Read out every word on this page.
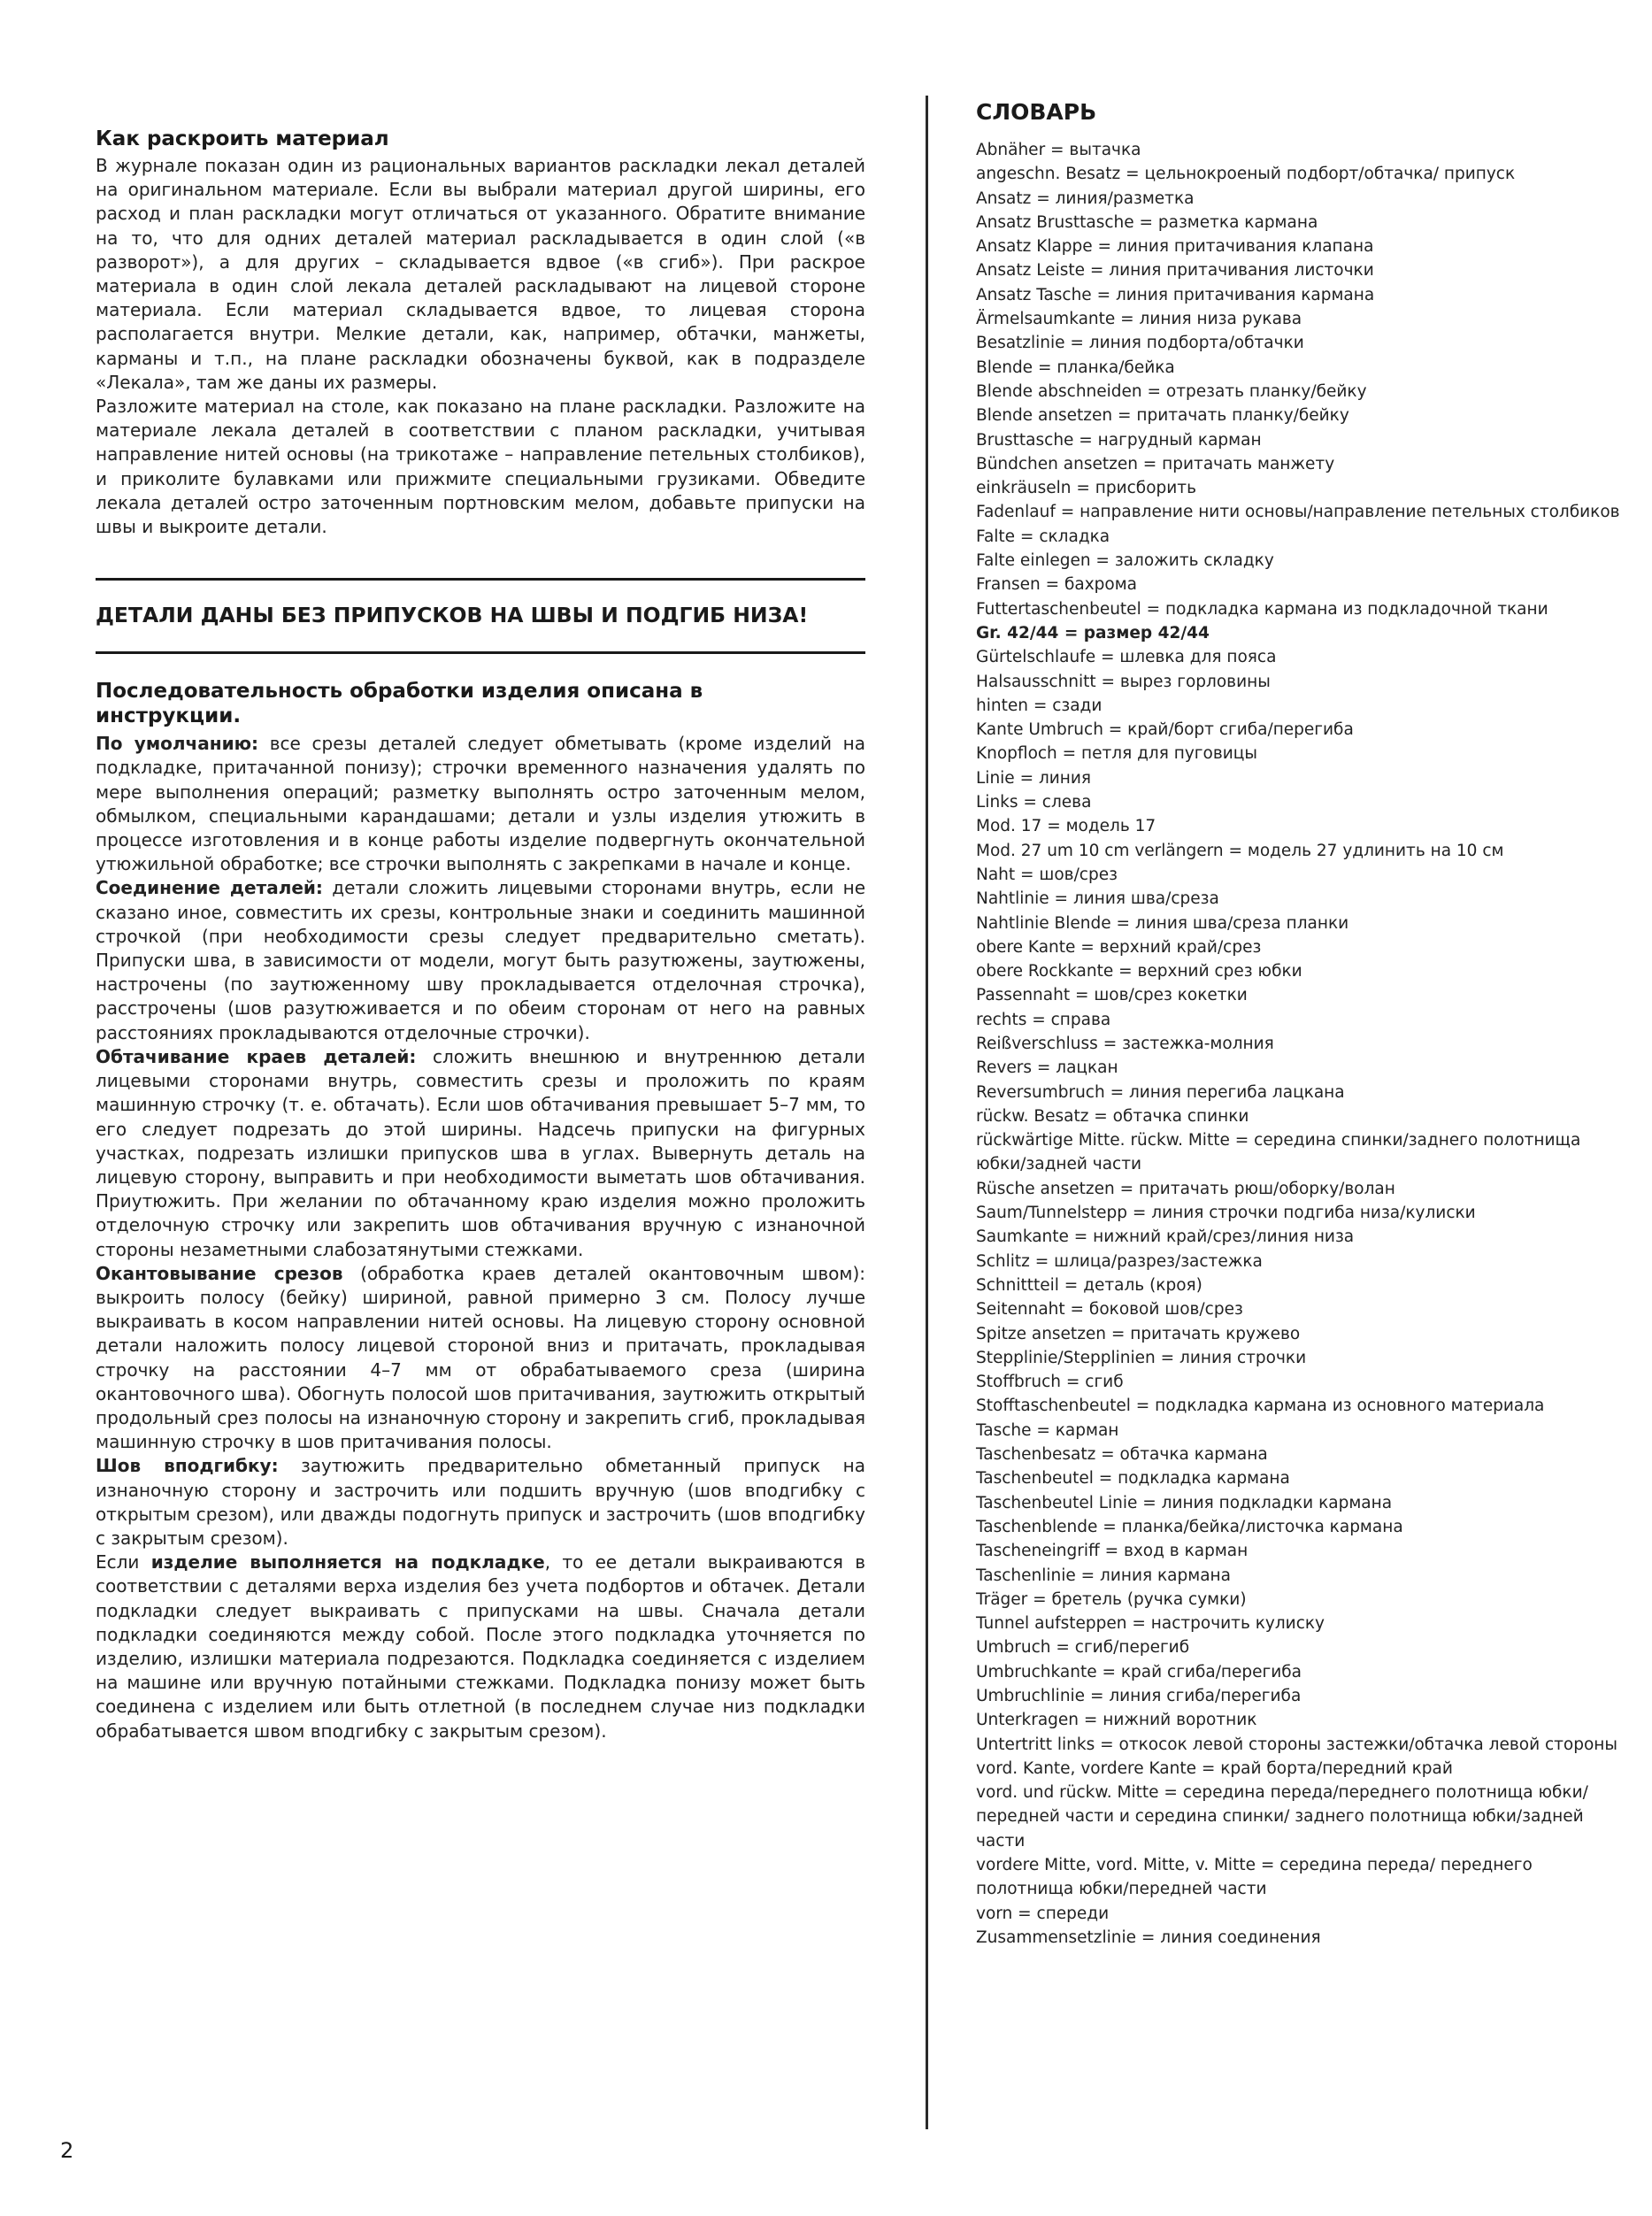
Как раскроить материал

В журнале показан один из рациональных вариантов раскладки лекал деталей на оригинальном материале. Если вы выбрали материал другой ширины, его расход и план раскладки могут отличаться от указанного. Обратите внимание на то, что для одних деталей материал раскладывается в один слой («в разворот»), а для других – складывается вдвое («в сгиб»). При раскрое материала в один слой лекала деталей раскладывают на лицевой стороне материала. Если материал складывается вдвое, то лицевая сторона располагается внутри. Мелкие детали, как, например, обтачки, манжеты, карманы и т.п., на плане раскладки обозначены буквой, как в подразделе «Лекала», там же даны их размеры.

Разложите материал на столе, как показано на плане раскладки. Разложите на материале лекала деталей в соответствии с планом раскладки, учитывая направление нитей основы (на трикотаже – направление петельных столбиков), и приколите булавками или прижмите специальными грузиками. Обведите лекала деталей остро заточенным портновским мелом, добавьте припуски на швы и выкроите детали.

ДЕТАЛИ ДАНЫ БЕЗ ПРИПУСКОВ НА ШВЫ И ПОДГИБ НИЗА!
Последовательность обработки изделия описана в инструкции.

По умолчанию: все срезы деталей следует обметывать (кроме изделий на подкладке, притачанной понизу); строчки временного назначения удалять по мере выполнения операций; разметку выполнять остро заточенным мелом, обмылком, специальными карандашами; детали и узлы изделия утюжить в процессе изготовления и в конце работы изделие подвергнуть окончательной утюжильной обработке; все строчки выполнять с закрепками в начале и конце.

Соединение деталей: детали сложить лицевыми сторонами внутрь, если не сказано иное, совместить их срезы, контрольные знаки и соединить машинной строчкой (при необходимости срезы следует предварительно сметать). Припуски шва, в зависимости от модели, могут быть разутюжены, заутюжены, настрочены (по заутюженному шву прокладывается отделочная строчка), расстрочены (шов разутюживается и по обеим сторонам от него на равных расстояниях прокладываются отделочные строчки).

Обтачивание краев деталей: сложить внешнюю и внутреннюю детали лицевыми сторонами внутрь, совместить срезы и проложить по краям машинную строчку (т. е. обтачать). Если шов обтачивания превышает 5–7 мм, то его следует подрезать до этой ширины. Надсечь припуски на фигурных участках, подрезать излишки припусков шва в углах. Вывернуть деталь на лицевую сторону, выправить и при необходимости выметать шов обтачивания. Приутюжить. При желании по обтачанному краю изделия можно проложить отделочную строчку или закрепить шов обтачивания вручную с изнаночной стороны незаметными слабозатянутыми стежками.

Окантовывание срезов (обработка краев деталей окантовочным швом): выкроить полосу (бейку) шириной, равной примерно 3 см. Полосу лучше выкраивать в косом направлении нитей основы. На лицевую сторону основной детали наложить полосу лицевой стороной вниз и притачать, прокладывая строчку на расстоянии 4–7 мм от обрабатываемого среза (ширина окантовочного шва). Обогнуть полосой шов притачивания, заутюжить открытый продольный срез полосы на изнаночную сторону и закрепить сгиб, прокладывая машинную строчку в шов притачивания полосы.

Шов вподгибку: заутюжить предварительно обметанный припуск на изнаночную сторону и застрочить или подшить вручную (шов вподгибку с открытым срезом), или дважды подогнуть припуск и застрочить (шов вподгибку с закрытым срезом).

Если изделие выполняется на подкладке, то ее детали выкраиваются в соответствии с деталями верха изделия без учета подбортов и обтачек. Детали подкладки следует выкраивать с припусками на швы. Сначала детали подкладки соединяются между собой. После этого подкладка уточняется по изделию, излишки материала подрезаются. Подкладка соединяется с изделием на машине или вручную потайными стежками. Подкладка понизу может быть соединена с изделием или быть отлетной (в последнем случае низ подкладки обрабатывается швом вподгибку с закрытым срезом).

СЛОВАРЬ
Abnäher = вытачка
angeschn. Besatz = цельнокроеный подборт/обтачка/ припуск
Ansatz = линия/разметка
Ansatz Brusttasche = разметка кармана
Ansatz Klappe = линия притачивания клапана
Ansatz Leiste = линия притачивания листочки
Ansatz Tasche = линия притачивания кармана
Ärmelsaumkante = линия низа рукава
Besatzlinie = линия подборта/обтачки
Blende = планка/бейка
Blende abschneiden = отрезать планку/бейку
Blende ansetzen = притачать планку/бейку
Brusttasche = нагрудный карман
Bündchen ansetzen = притачать манжету
einkräuseln = присборить
Fadenlauf = направление нити основы/направление петельных столбиков
Falte = складка
Falte einlegen = заложить складку
Fransen = бахрома
Futtertaschenbeutel = подкладка кармана из подкладочной ткани
Gr. 42/44 = размер 42/44
Gürtelschlaufe = шлевка для пояса
Halsausschnitt = вырез горловины
hinten = сзади
Kante Umbruch = край/борт сгиба/перегиба
Knopfloch = петля для пуговицы
Linie = линия
Links = слева
Mod. 17 = модель 17
Mod. 27 um 10 cm verlängern = модель 27 удлинить на 10 см
Naht = шов/срез
Nahtlinie = линия шва/среза
Nahtlinie Blende = линия шва/среза планки
obere Kante = верхний край/срез
obere Rockkante = верхний срез юбки
Passennaht = шов/срез кокетки
rechts = справа
Reißverschluss = застежка-молния
Revers = лацкан
Reversumbruch = линия перегиба лацкана
rückw. Besatz = обтачка спинки
rückwärtige Mitte. rückw. Mitte = середина спинки/заднего полотнища юбки/задней части
Rüsche ansetzen = притачать рюш/оборку/волан
Saum/Tunnelstepp = линия строчки подгиба низа/кулиски
Saumkante = нижний край/срез/линия низа
Schlitz = шлица/разрез/застежка
Schnittteil = деталь (кроя)
Seitennaht = боковой шов/срез
Spitze ansetzen = притачать кружево
Stepplinie/Stepplinien = линия строчки
Stoffbruch = сгиб
Stofftaschenbeutel = подкладка кармана из основного материала
Tasche = карман
Taschenbesatz = обтачка кармана
Taschenbeutel = подкладка кармана
Taschenbeutel Linie = линия подкладки кармана
Taschenblende = планка/бейка/листочка кармана
Tascheneingriff = вход в карман
Taschenlinie = линия кармана
Träger = бретель (ручка сумки)
Tunnel aufsteppen = настрочить кулиску
Umbruch = сгиб/перегиб
Umbruchkante = край сгиба/перегиба
Umbruchlinie = линия сгиба/перегиба
Unterkragen = нижний воротник
Untertritt links = откосок левой стороны застежки/обтачка левой стороны
vord. Kante, vordere Kante = край борта/передний край
vord. und rückw. Mitte = середина переда/переднего полотнища юбки/передней части и середина спинки/ заднего полотнища юбки/задней части
vordere Mitte, vord. Mitte, v. Mitte = середина переда/ переднего полотнища юбки/передней части
vorn = спереди
Zusammensetzlinie = линия соединения
2
